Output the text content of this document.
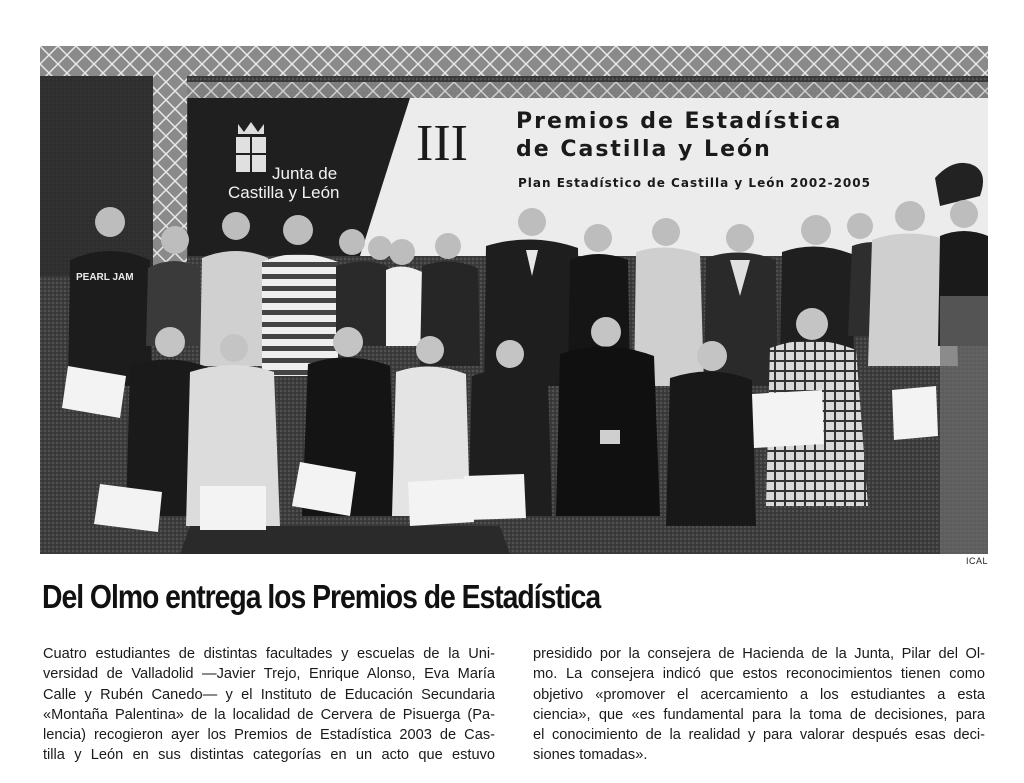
Junta de
Castilla y León
III Premios de Estadística
de Castilla y León
Plan Estadístico de Castilla y León 2002-2005
PEARL JAM
ICAL
Del Olmo entrega los Premios de Estadística
Cuatro estudiantes de distintas facultades y escuelas de la Uni-
versidad de Valladolid —Javier Trejo, Enrique Alonso, Eva María
Calle y Rubén Canedo— y el Instituto de Educación Secundaria
«Montaña Palentina» de la localidad de Cervera de Pisuerga (Pa-
lencia) recogieron ayer los Premios de Estadística 2003 de Cas-
tilla y León en sus distintas categorías en un acto que estuvo
presidido por la consejera de Hacienda de la Junta, Pilar del Ol-
mo. La consejera indicó que estos reconocimientos tienen como
objetivo «promover el acercamiento a los estudiantes a esta
ciencia», que «es fundamental para la toma de decisiones, para
el conocimiento de la realidad y para valorar después esas deci-
siones tomadas».
